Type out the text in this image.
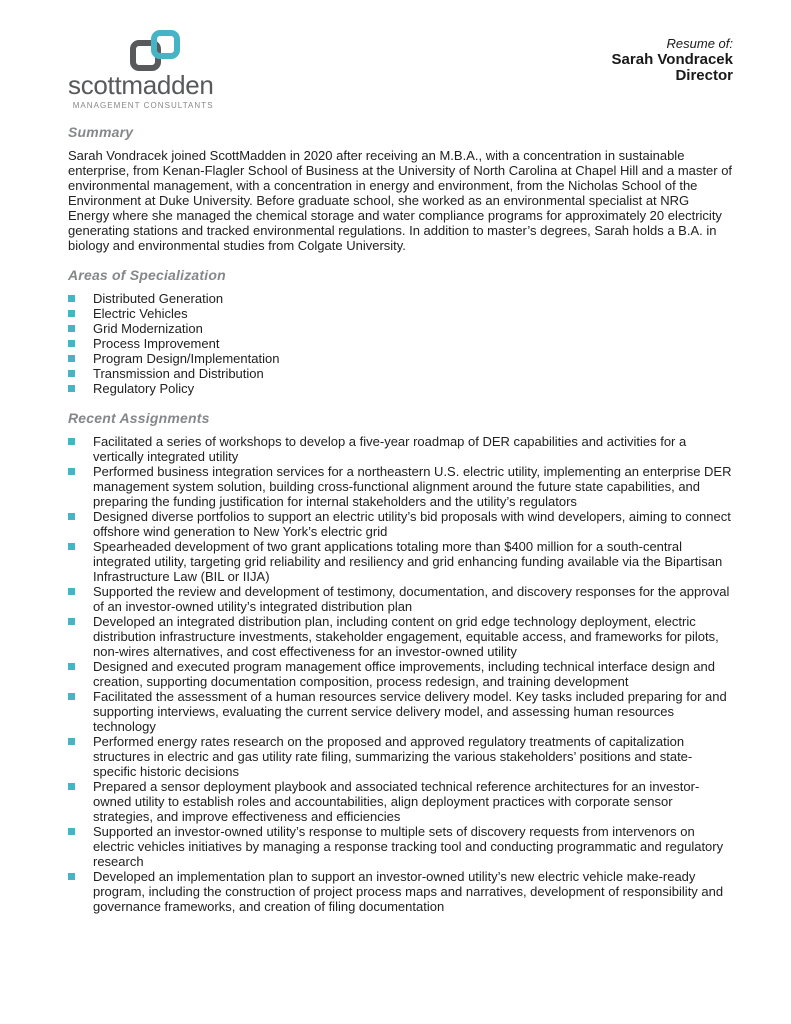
scottmadden
MANAGEMENT CONSULTANTS
Resume of:
Sarah Vondracek
Director
Summary

Sarah Vondracek joined ScottMadden in 2020 after receiving an M.B.A., with a concentration in sustainable enterprise, from Kenan-Flagler School of Business at the University of North Carolina at Chapel Hill and a master of environmental management, with a concentration in energy and environment, from the Nicholas School of the Environment at Duke University. Before graduate school, she worked as an environmental specialist at NRG Energy where she managed the chemical storage and water compliance programs for approximately 20 electricity generating stations and tracked environmental regulations. In addition to master’s degrees, Sarah holds a B.A. in biology and environmental studies from Colgate University.

Areas of Specialization
Distributed Generation
Electric Vehicles
Grid Modernization
Process Improvement
Program Design/Implementation
Transmission and Distribution
Regulatory Policy
Recent Assignments
Facilitated a series of workshops to develop a five-year roadmap of DER capabilities and activities for a vertically integrated utility
Performed business integration services for a northeastern U.S. electric utility, implementing an enterprise DER management system solution, building cross-functional alignment around the future state capabilities, and preparing the funding justification for internal stakeholders and the utility’s regulators
Designed diverse portfolios to support an electric utility’s bid proposals with wind developers, aiming to connect offshore wind generation to New York’s electric grid
Spearheaded development of two grant applications totaling more than $400 million for a south-central integrated utility, targeting grid reliability and resiliency and grid enhancing funding available via the Bipartisan Infrastructure Law (BIL or IIJA)
Supported the review and development of testimony, documentation, and discovery responses for the approval of an investor-owned utility’s integrated distribution plan
Developed an integrated distribution plan, including content on grid edge technology deployment, electric distribution infrastructure investments, stakeholder engagement, equitable access, and frameworks for pilots, non-wires alternatives, and cost effectiveness for an investor-owned utility
Designed and executed program management office improvements, including technical interface design and creation, supporting documentation composition, process redesign, and training development
Facilitated the assessment of a human resources service delivery model. Key tasks included preparing for and supporting interviews, evaluating the current service delivery model, and assessing human resources technology
Performed energy rates research on the proposed and approved regulatory treatments of capitalization structures in electric and gas utility rate filing, summarizing the various stakeholders’ positions and state-specific historic decisions
Prepared a sensor deployment playbook and associated technical reference architectures for an investor-owned utility to establish roles and accountabilities, align deployment practices with corporate sensor strategies, and improve effectiveness and efficiencies
Supported an investor-owned utility’s response to multiple sets of discovery requests from intervenors on electric vehicles initiatives by managing a response tracking tool and conducting programmatic and regulatory research
Developed an implementation plan to support an investor-owned utility’s new electric vehicle make-ready program, including the construction of project process maps and narratives, development of responsibility and governance frameworks, and creation of filing documentation
